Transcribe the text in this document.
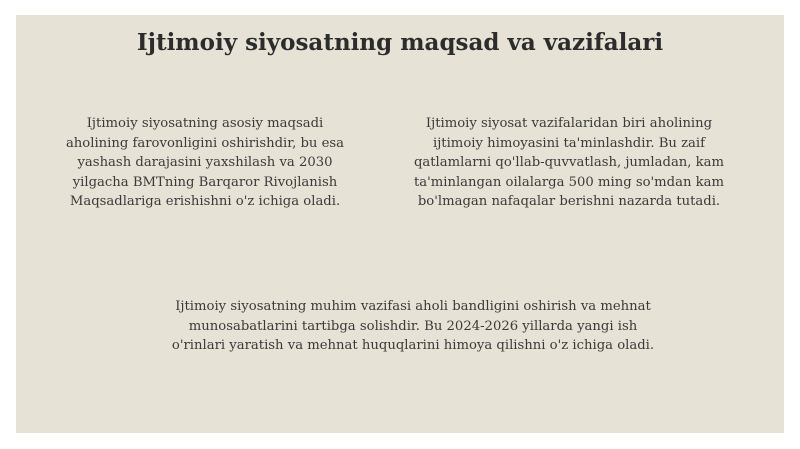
Ijtimoiy siyosatning maqsad va vazifalari

Ijtimoiy siyosatning asosiy maqsadi aholining farovonligini oshirishdir, bu esa yashash darajasini yaxshilash va 2030 yilgacha BMTning Barqaror Rivojlanish Maqsadlariga erishishni o'z ichiga oladi.

Ijtimoiy siyosat vazifalaridan biri aholining ijtimoiy himoyasini ta'minlashdir. Bu zaif qatlamlarni qo'llab-quvvatlash, jumladan, kam ta'minlangan oilalarga 500 ming so'mdan kam bo'lmagan nafaqalar berishni nazarda tutadi.

Ijtimoiy siyosatning muhim vazifasi aholi bandligini oshirish va mehnat munosabatlarini tartibga solishdir. Bu 2024-2026 yillarda yangi ish o'rinlari yaratish va mehnat huquqlarini himoya qilishni o'z ichiga oladi.
